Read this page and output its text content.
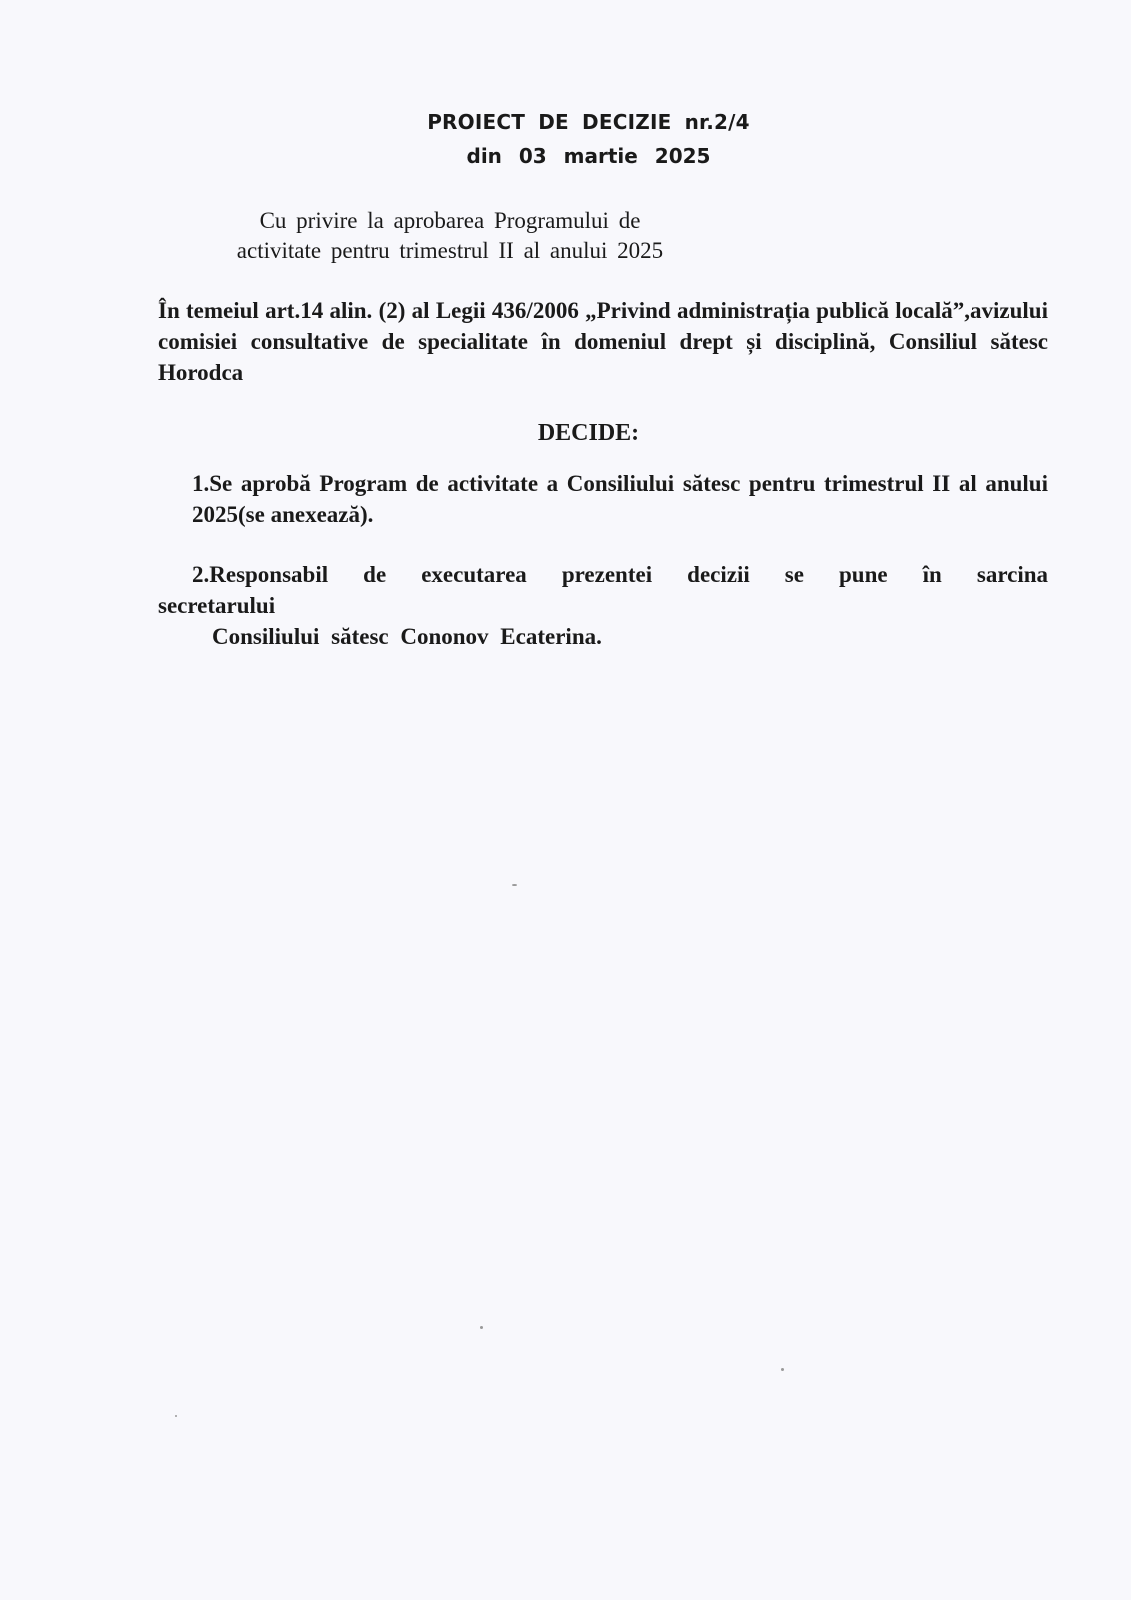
PROIECT DE DECIZIE nr.2/4
din 03 martie 2025
Cu privire la aprobarea Programului de
activitate pentru trimestrul II al anului 2025
În temeiul art.14 alin. (2) al Legii 436/2006 „Privind administrația publică locală”,avizului comisiei consultative de specialitate în domeniul drept și disciplină, Consiliul sătesc Horodca
DECIDE:
1.Se aprobă Program de activitate a Consiliului sătesc pentru trimestrul II al anului 2025(se anexează).
2.Responsabil de executarea prezentei decizii se pune în sarcina
secretarului
Consiliului sătesc Cononov Ecaterina.
